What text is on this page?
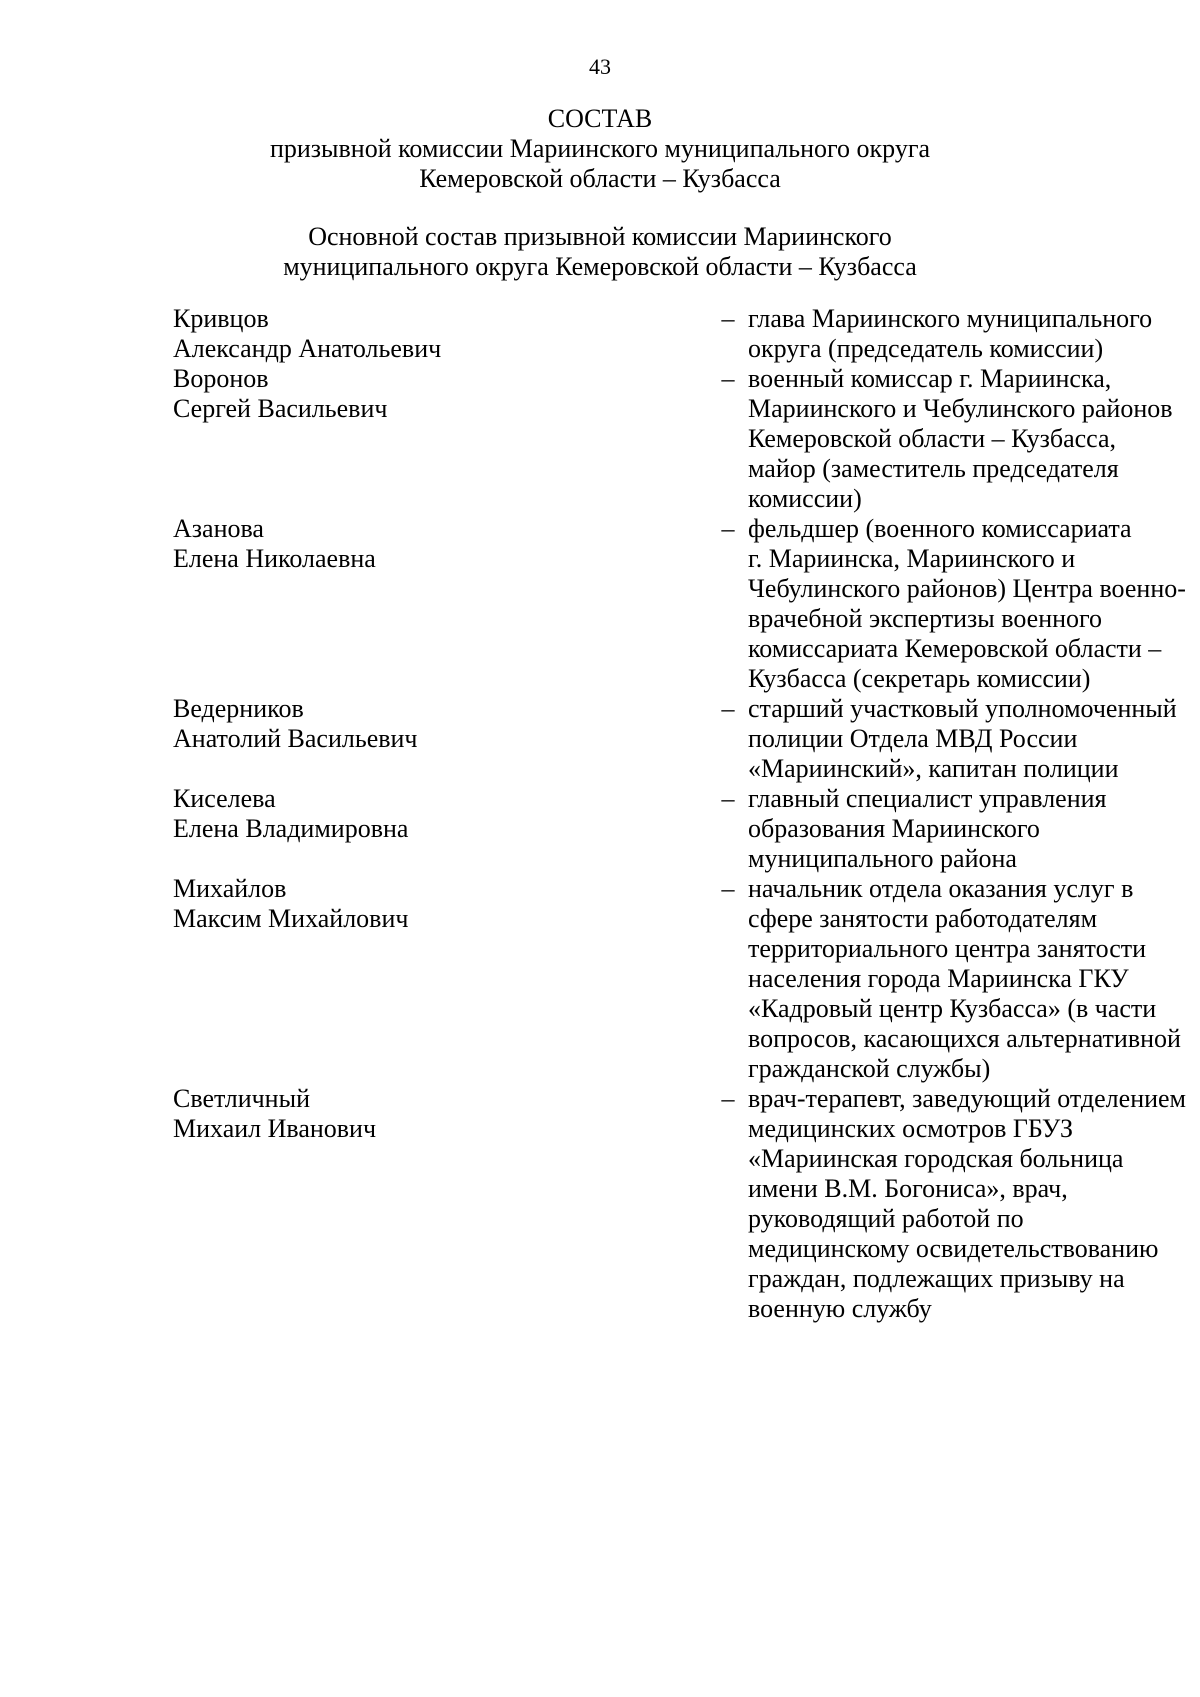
43
СОСТАВ
призывной комиссии Мариинского муниципального округа
Кемеровской области – Кузбасса
Основной состав призывной комиссии Мариинского
муниципального округа Кемеровской области – Кузбасса
Кривцов
Александр Анатольевич
– глава Мариинского муниципального
округа (председатель комиссии)
Воронов
Сергей Васильевич
– военный комиссар г. Мариинска,
Мариинского и Чебулинского районов
Кемеровской области – Кузбасса,
майор (заместитель председателя
комиссии)
Азанова
Елена Николаевна
– фельдшер (военного комиссариата
г. Мариинска, Мариинского и
Чебулинского районов) Центра военно-
врачебной экспертизы военного
комиссариата Кемеровской области –
Кузбасса (секретарь комиссии)
Ведерников
Анатолий Васильевич
– старший участковый уполномоченный
полиции Отдела МВД России
«Мариинский», капитан полиции
Киселева
Елена Владимировна
– главный специалист управления
образования Мариинского
муниципального района
Михайлов
Максим Михайлович
– начальник отдела оказания услуг в
сфере занятости работодателям
территориального центра занятости
населения города Мариинска ГКУ
«Кадровый центр Кузбасса» (в части
вопросов, касающихся альтернативной
гражданской службы)
Светличный
Михаил Иванович
– врач-терапевт, заведующий отделением
медицинских осмотров ГБУЗ
«Мариинская городская больница
имени В.М. Богониса», врач,
руководящий работой по
медицинскому освидетельствованию
граждан, подлежащих призыву на
военную службу
